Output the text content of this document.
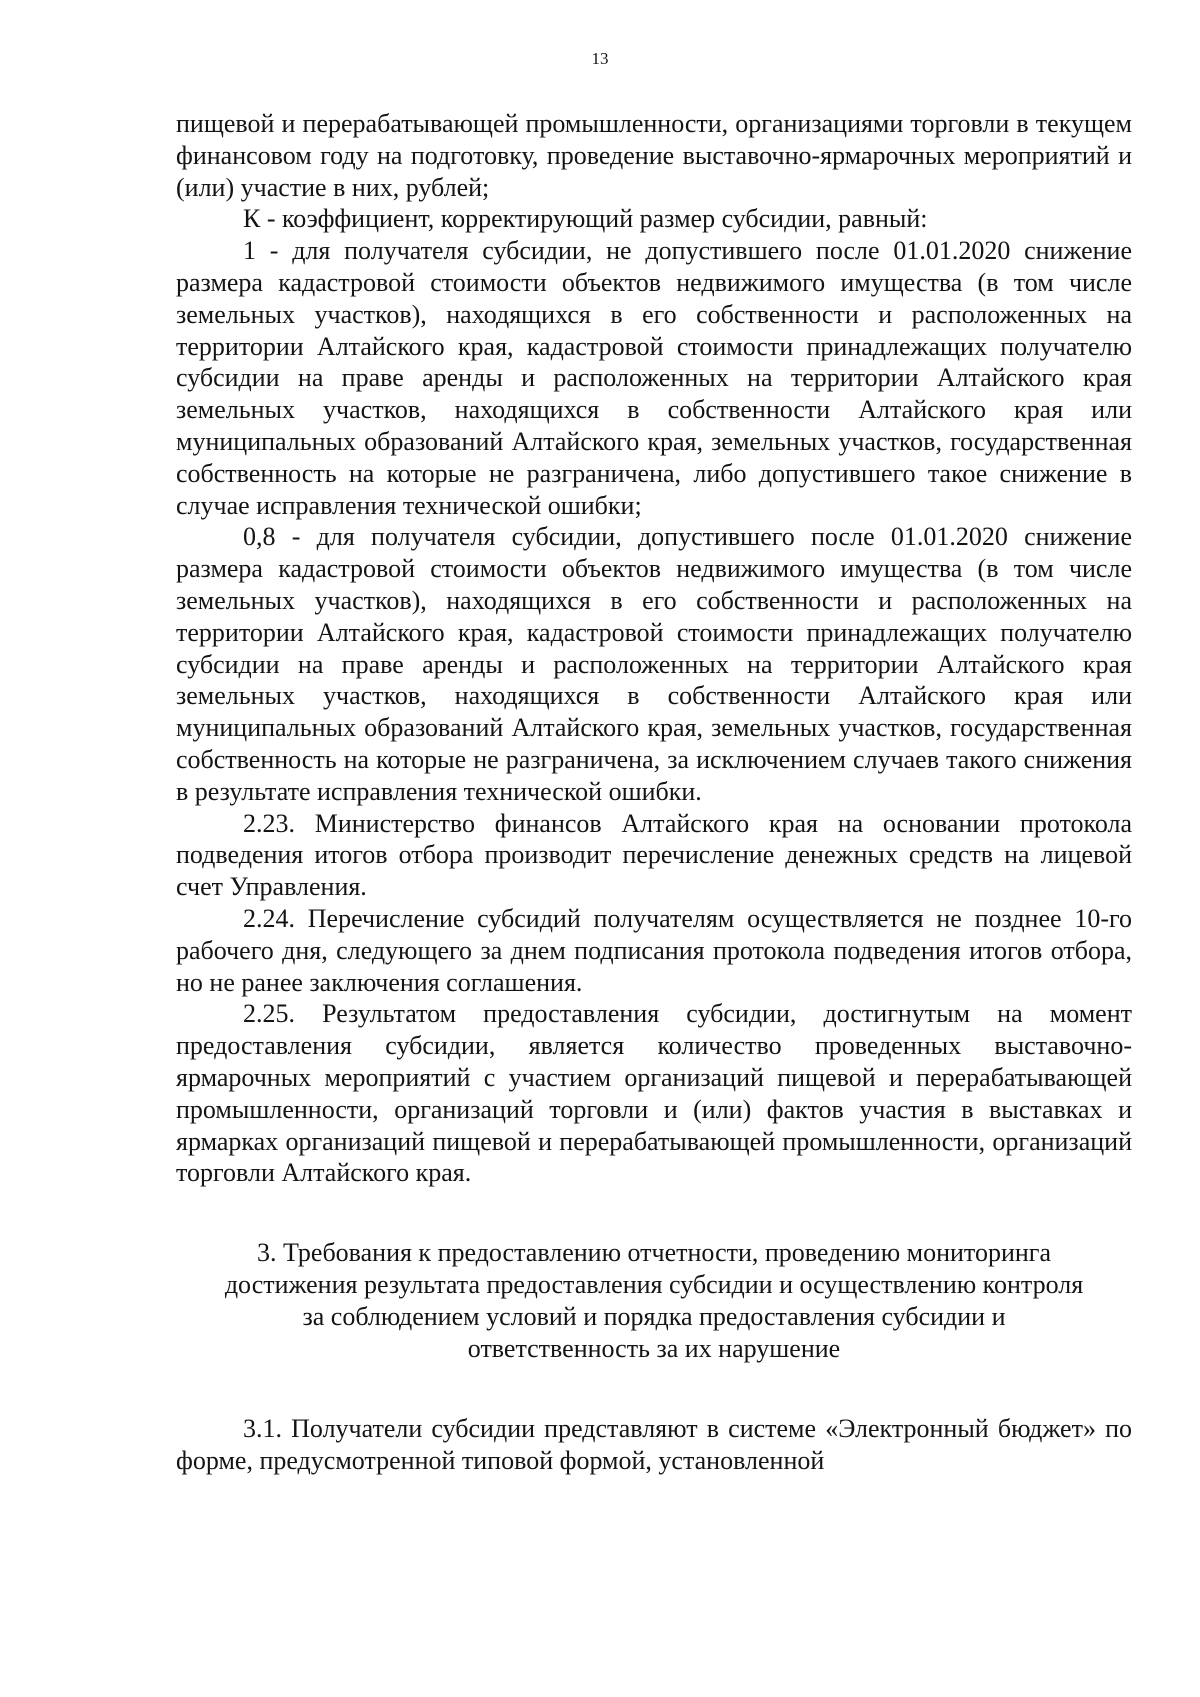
13

пищевой и перерабатывающей промышленности, организациями торговли в текущем финансовом году на подготовку, проведение выставочно-ярмарочных мероприятий и (или) участие в них, рублей;

К - коэффициент, корректирующий размер субсидии, равный:

1 - для получателя субсидии, не допустившего после 01.01.2020 снижение размера кадастровой стоимости объектов недвижимого имущества (в том числе земельных участков), находящихся в его собственности и расположенных на территории Алтайского края, кадастровой стоимости принадлежащих получателю субсидии на праве аренды и расположенных на территории Алтайского края земельных участков, находящихся в собственности Алтайского края или муниципальных образований Алтайского края, земельных участков, государственная собственность на которые не разграничена, либо допустившего такое снижение в случае исправления технической ошибки;

0,8 - для получателя субсидии, допустившего после 01.01.2020 снижение размера кадастровой стоимости объектов недвижимого имущества (в том числе земельных участков), находящихся в его собственности и расположенных на территории Алтайского края, кадастровой стоимости принадлежащих получателю субсидии на праве аренды и расположенных на территории Алтайского края земельных участков, находящихся в собственности Алтайского края или муниципальных образований Алтайского края, земельных участков, государственная собственность на которые не разграничена, за исключением случаев такого снижения в результате исправления технической ошибки.

2.23. Министерство финансов Алтайского края на основании протокола подведения итогов отбора производит перечисление денежных средств на лицевой счет Управления.

2.24. Перечисление субсидий получателям осуществляется не позднее 10-го рабочего дня, следующего за днем подписания протокола подведения итогов отбора, но не ранее заключения соглашения.

2.25. Результатом предоставления субсидии, достигнутым на момент предоставления субсидии, является количество проведенных выставочно-ярмарочных мероприятий с участием организаций пищевой и перерабатывающей промышленности, организаций торговли и (или) фактов участия в выставках и ярмарках организаций пищевой и перерабатывающей промышленности, организаций торговли Алтайского края.

3. Требования к предоставлению отчетности, проведению мониторинга
достижения результата предоставления субсидии и осуществлению контроля
за соблюдением условий и порядка предоставления субсидии и
ответственность за их нарушение

3.1. Получатели субсидии представляют в системе «Электронный бюджет» по форме, предусмотренной типовой формой, установленной
